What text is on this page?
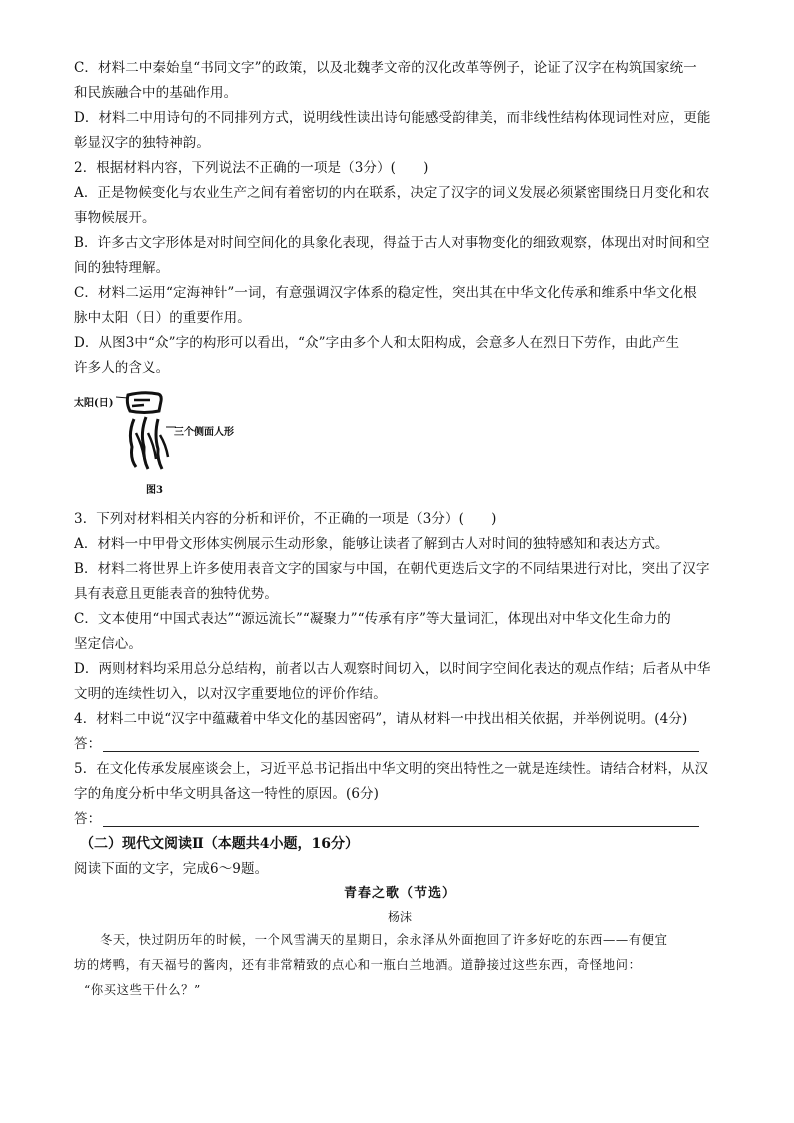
C．材料二中秦始皇“书同文字”的政策，以及北魏孝文帝的汉化改革等例子，论证了汉字在构筑国家统一
和民族融合中的基础作用。
D．材料二中用诗句的不同排列方式，说明线性读出诗句能感受韵律美，而非线性结构体现词性对应，更能
彰显汉字的独特神韵。
2．根据材料内容，下列说法不正确的一项是（3分）(　　)
A．正是物候变化与农业生产之间有着密切的内在联系，决定了汉字的词义发展必须紧密围绕日月变化和农
事物候展开。
B．许多古文字形体是对时间空间化的具象化表现，得益于古人对事物变化的细致观察，体现出对时间和空
间的独特理解。
C．材料二运用“定海神针”一词，有意强调汉字体系的稳定性，突出其在中华文化传承和维系中华文化根
脉中太阳（日）的重要作用。
D．从图3中“众”字的构形可以看出，“众”字由多个人和太阳构成，会意多人在烈日下劳作，由此产生
许多人的含义。
太阳(日)
三个侧面人形
图3
3．下列对材料相关内容的分析和评价，不正确的一项是（3分）(　　)
A．材料一中甲骨文形体实例展示生动形象，能够让读者了解到古人对时间的独特感知和表达方式。
B．材料二将世界上许多使用表音文字的国家与中国，在朝代更迭后文字的不同结果进行对比，突出了汉字
具有表意且更能表音的独特优势。
C．文本使用“中国式表达”“源远流长”“凝聚力”“传承有序”等大量词汇，体现出对中华文化生命力的
坚定信心。
D．两则材料均采用总分总结构，前者以古人观察时间切入，以时间字空间化表达的观点作结；后者从中华
文明的连续性切入，以对汉字重要地位的评价作结。
4．材料二中说“汉字中蕴藏着中华文化的基因密码”，请从材料一中找出相关依据，并举例说明。(4分)
答：
5．在文化传承发展座谈会上，习近平总书记指出中华文明的突出特性之一就是连续性。请结合材料，从汉
字的角度分析中华文明具备这一特性的原因。(6分)
答：
（二）现代文阅读Ⅱ（本题共4小题，16分）
阅读下面的文字，完成6～9题。
青春之歌（节选）
杨沫
冬天，快过阴历年的时候，一个风雪满天的星期日，余永泽从外面抱回了许多好吃的东西——有便宜
坊的烤鸭，有天福号的酱肉，还有非常精致的点心和一瓶白兰地酒。道静接过这些东西，奇怪地问：
“你买这些干什么？”
